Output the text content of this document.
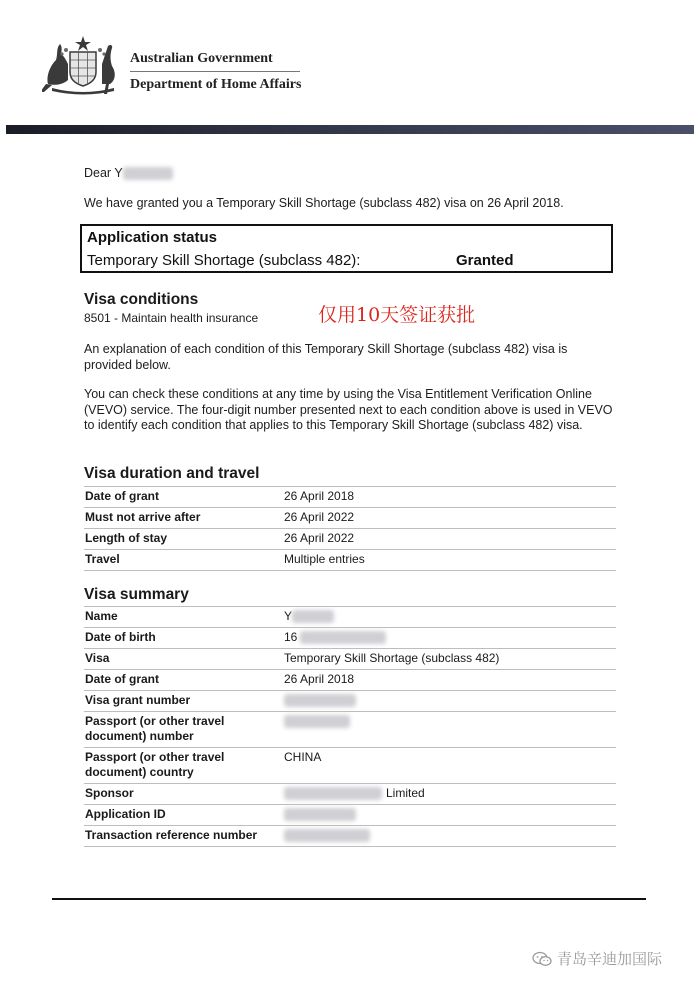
Australian Government
Department of Home Affairs
Dear Y
We have granted you a Temporary Skill Shortage (subclass 482) visa on 26 April 2018.
Application status
Temporary Skill Shortage (subclass 482):	Granted
Visa conditions
8501 - Maintain health insurance	仅用10天签证获批
An explanation of each condition of this Temporary Skill Shortage (subclass 482) visa is provided below.
You can check these conditions at any time by using the Visa Entitlement Verification Online (VEVO) service. The four-digit number presented next to each condition above is used in VEVO to identify each condition that applies to this Temporary Skill Shortage (subclass 482) visa.
Visa duration and travel
Date of grant	26 April 2018
Must not arrive after	26 April 2022
Length of stay	26 April 2022
Travel	Multiple entries
Visa summary
Name	Y
Date of birth	16
Visa	Temporary Skill Shortage (subclass 482)
Date of grant	26 April 2018
Visa grant number	
Passport (or other travel document) number	
Passport (or other travel document) country	CHINA
Sponsor	Limited
Application ID	
Transaction reference number	
青岛辛迪加国际
